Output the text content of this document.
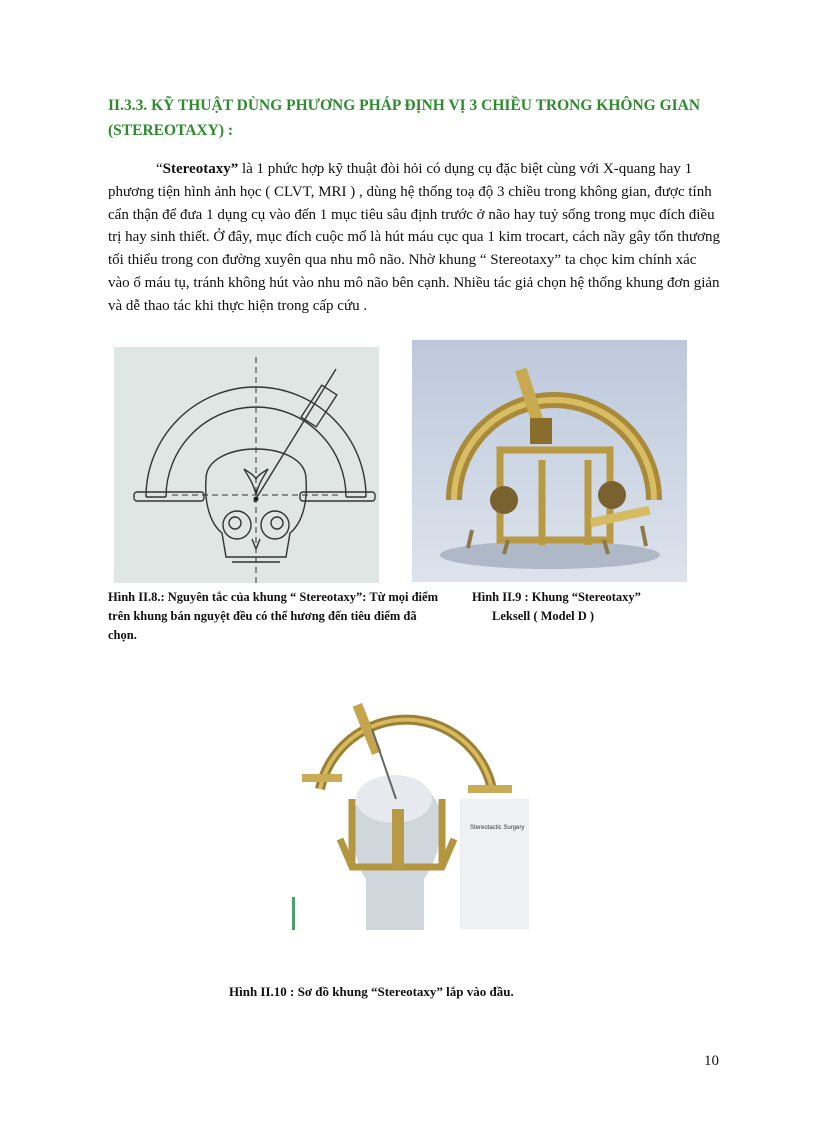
II.3.3. KỸ THUẬT DÙNG PHƯƠNG PHÁP ĐỊNH VỊ 3 CHIỀU TRONG KHÔNG GIAN (STEREOTAXY) :

“Stereotaxy” là 1 phức hợp kỹ thuật đòi hỏi có dụng cụ đặc biệt cùng với X-quang hay 1 phương tiện hình ảnh học ( CLVT, MRI ) , dùng hệ thống toạ độ 3 chiều trong không gian, được tính cẩn thận để đưa 1 dụng cụ vào đến 1 mục tiêu sâu định trước ở não hay tuỷ sống trong mục đích điều trị hay sinh thiết. Ở đây, mục đích cuộc mổ là hút máu cục qua 1 kim trocart, cách nầy gây tổn thương tối thiểu trong con đường xuyên qua nhu mô não. Nhờ khung “ Stereotaxy” ta chọc kim chính xác vào ổ máu tụ, tránh không hút vào nhu mô não bên cạnh. Nhiều tác giả chọn hệ thống khung đơn giản và dễ thao tác khi thực hiện trong cấp cứu .

Hình II.8.: Nguyên tắc của khung “ Stereotaxy”: Từ mọi điểm trên khung bán nguyệt đều có thể hương đến tiêu điểm đã chọn.

Hình II.9 : Khung “Stereotaxy”
Leksell ( Model D )

Stereotactic Surgery

Hình II.10 : Sơ đồ khung “Stereotaxy” lắp vào đầu.

10
